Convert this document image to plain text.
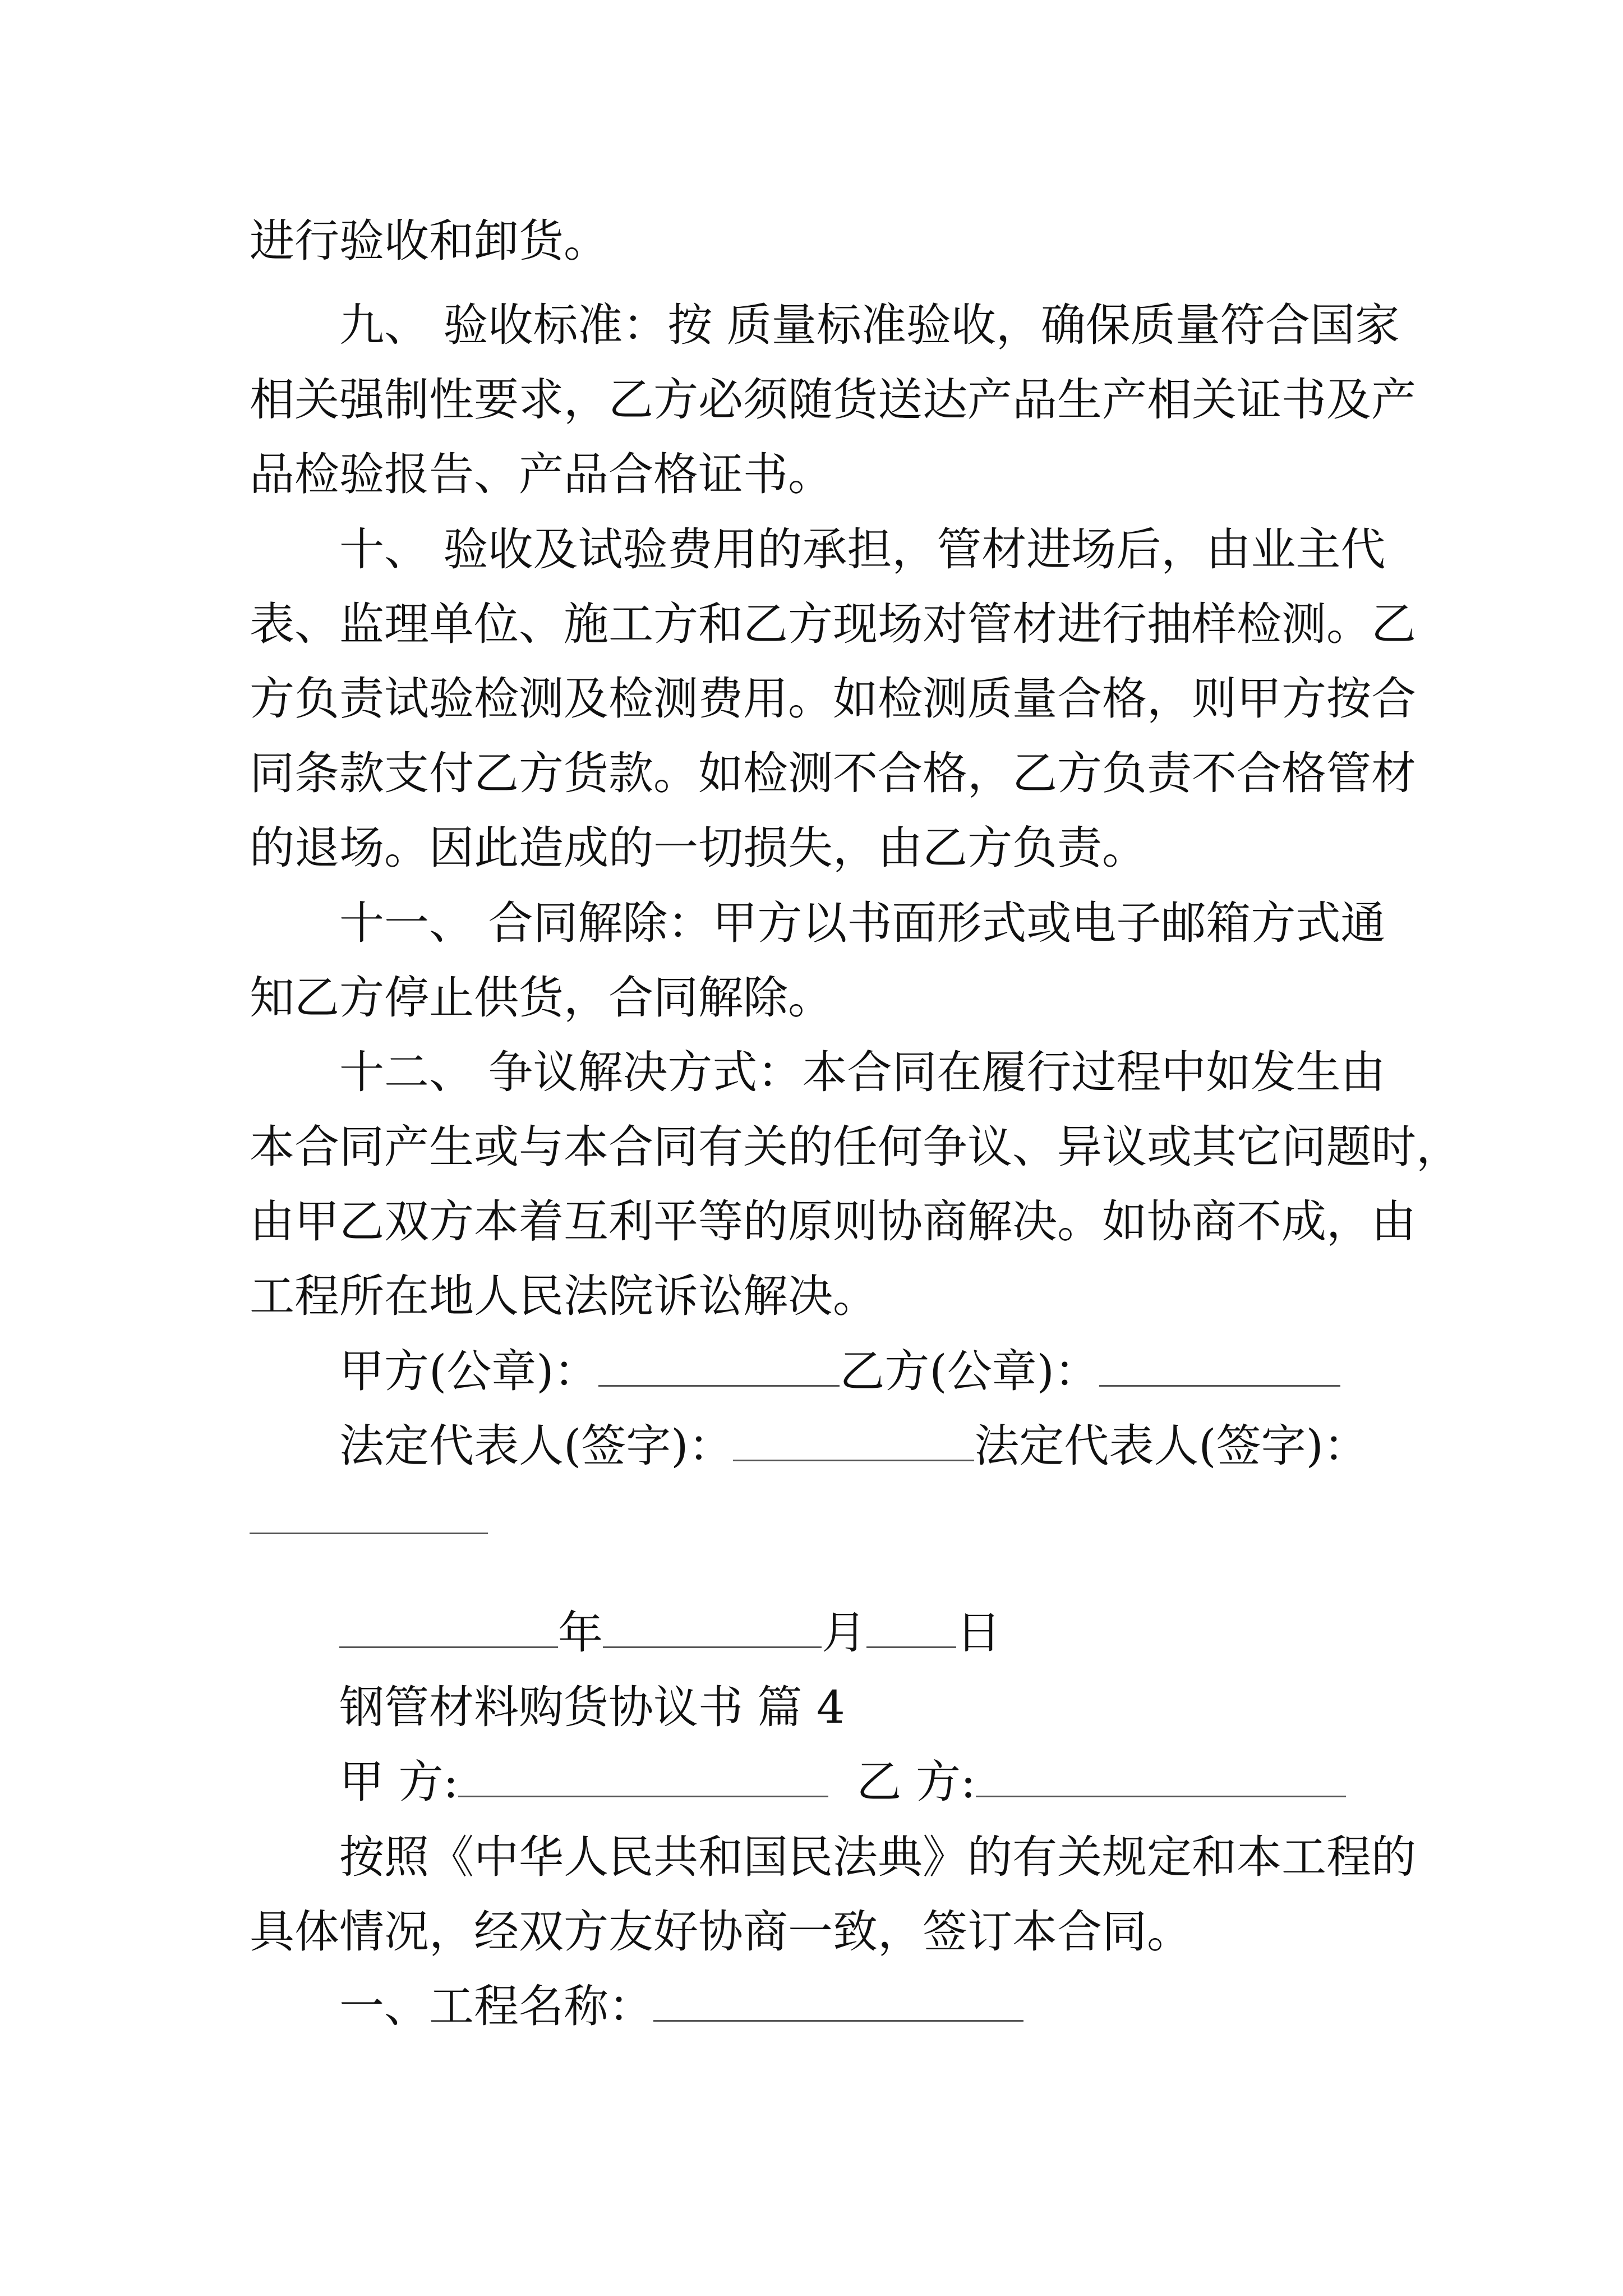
进行验收和卸货。
九、 验收标准：按 质量标准验收，确保质量符合国家
相关强制性要求，乙方必须随货送达产品生产相关证书及产
品检验报告、产品合格证书。
十、 验收及试验费用的承担，管材进场后，由业主代
表、监理单位、施工方和乙方现场对管材进行抽样检测。乙
方负责试验检测及检测费用。如检测质量合格，则甲方按合
同条款支付乙方货款。如检测不合格，乙方负责不合格管材
的退场。因此造成的一切损失，由乙方负责。
十一、 合同解除：甲方以书面形式或电子邮箱方式通
知乙方停止供货，合同解除。
十二、 争议解决方式：本合同在履行过程中如发生由
本合同产生或与本合同有关的任何争议、异议或其它问题时，
由甲乙双方本着互利平等的原则协商解决。如协商不成，由
工程所在地人民法院诉讼解决。
甲方(公章)：	乙方(公章)：
法定代表人(签字)：	法定代表人(签字)：
年	月 日
钢管材料购货协议书 篇 4
甲 方:	乙 方:
按照《中华人民共和国民法典》的有关规定和本工程的
具体情况，经双方友好协商一致，签订本合同。
一、工程名称：
